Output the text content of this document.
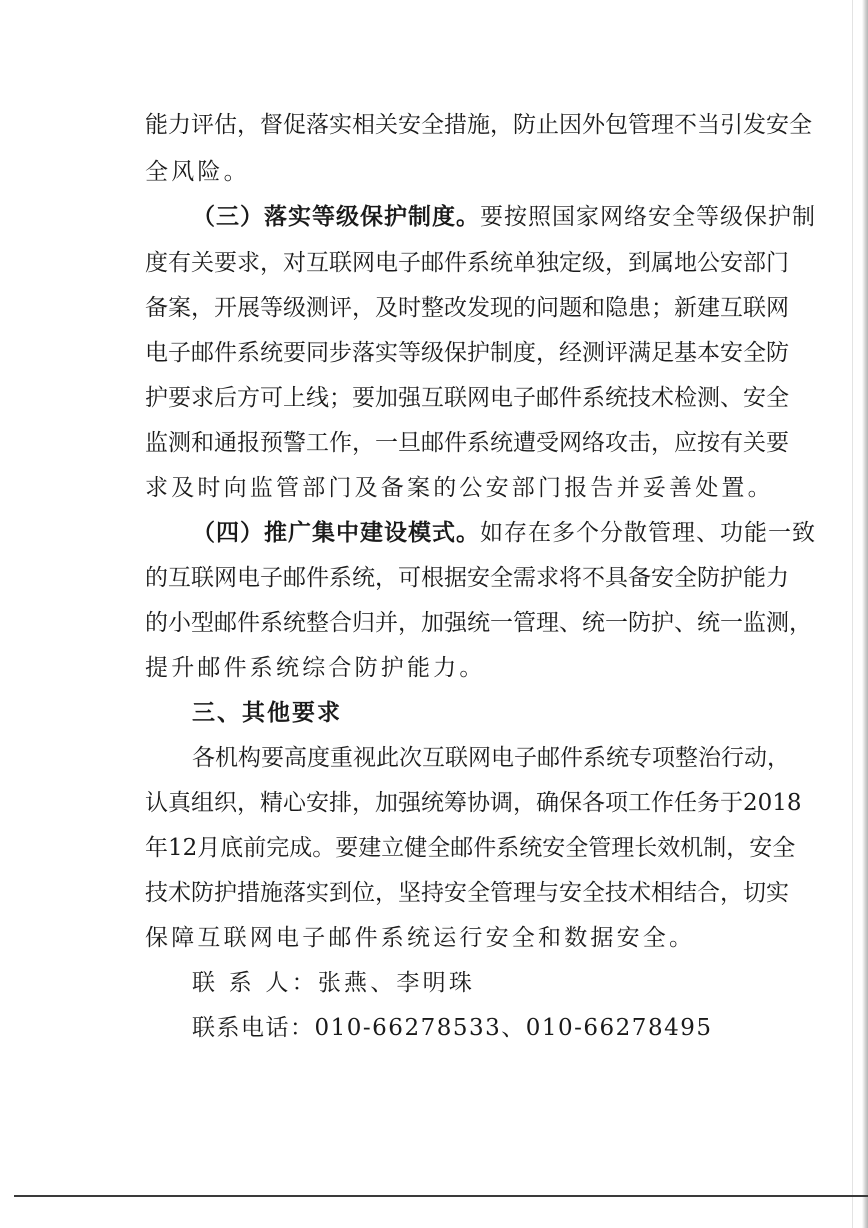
能力评估，督促落实相关安全措施，防止因外包管理不当引发安全
全风险。
（三）落实等级保护制度。要按照国家网络安全等级保护制
度有关要求，对互联网电子邮件系统单独定级，到属地公安部门
备案，开展等级测评，及时整改发现的问题和隐患；新建互联网
电子邮件系统要同步落实等级保护制度，经测评满足基本安全防
护要求后方可上线；要加强互联网电子邮件系统技术检测、安全
监测和通报预警工作，一旦邮件系统遭受网络攻击，应按有关要
求及时向监管部门及备案的公安部门报告并妥善处置。
（四）推广集中建设模式。如存在多个分散管理、功能一致
的互联网电子邮件系统，可根据安全需求将不具备安全防护能力
的小型邮件系统整合归并，加强统一管理、统一防护、统一监测，
提升邮件系统综合防护能力。
三、其他要求
各机构要高度重视此次互联网电子邮件系统专项整治行动，
认真组织，精心安排，加强统筹协调，确保各项工作任务于2018
年12月底前完成。要建立健全邮件系统安全管理长效机制，安全
技术防护措施落实到位，坚持安全管理与安全技术相结合，切实
保障互联网电子邮件系统运行安全和数据安全。
联 系 人：张燕、李明珠
联系电话：010-66278533、010-66278495
